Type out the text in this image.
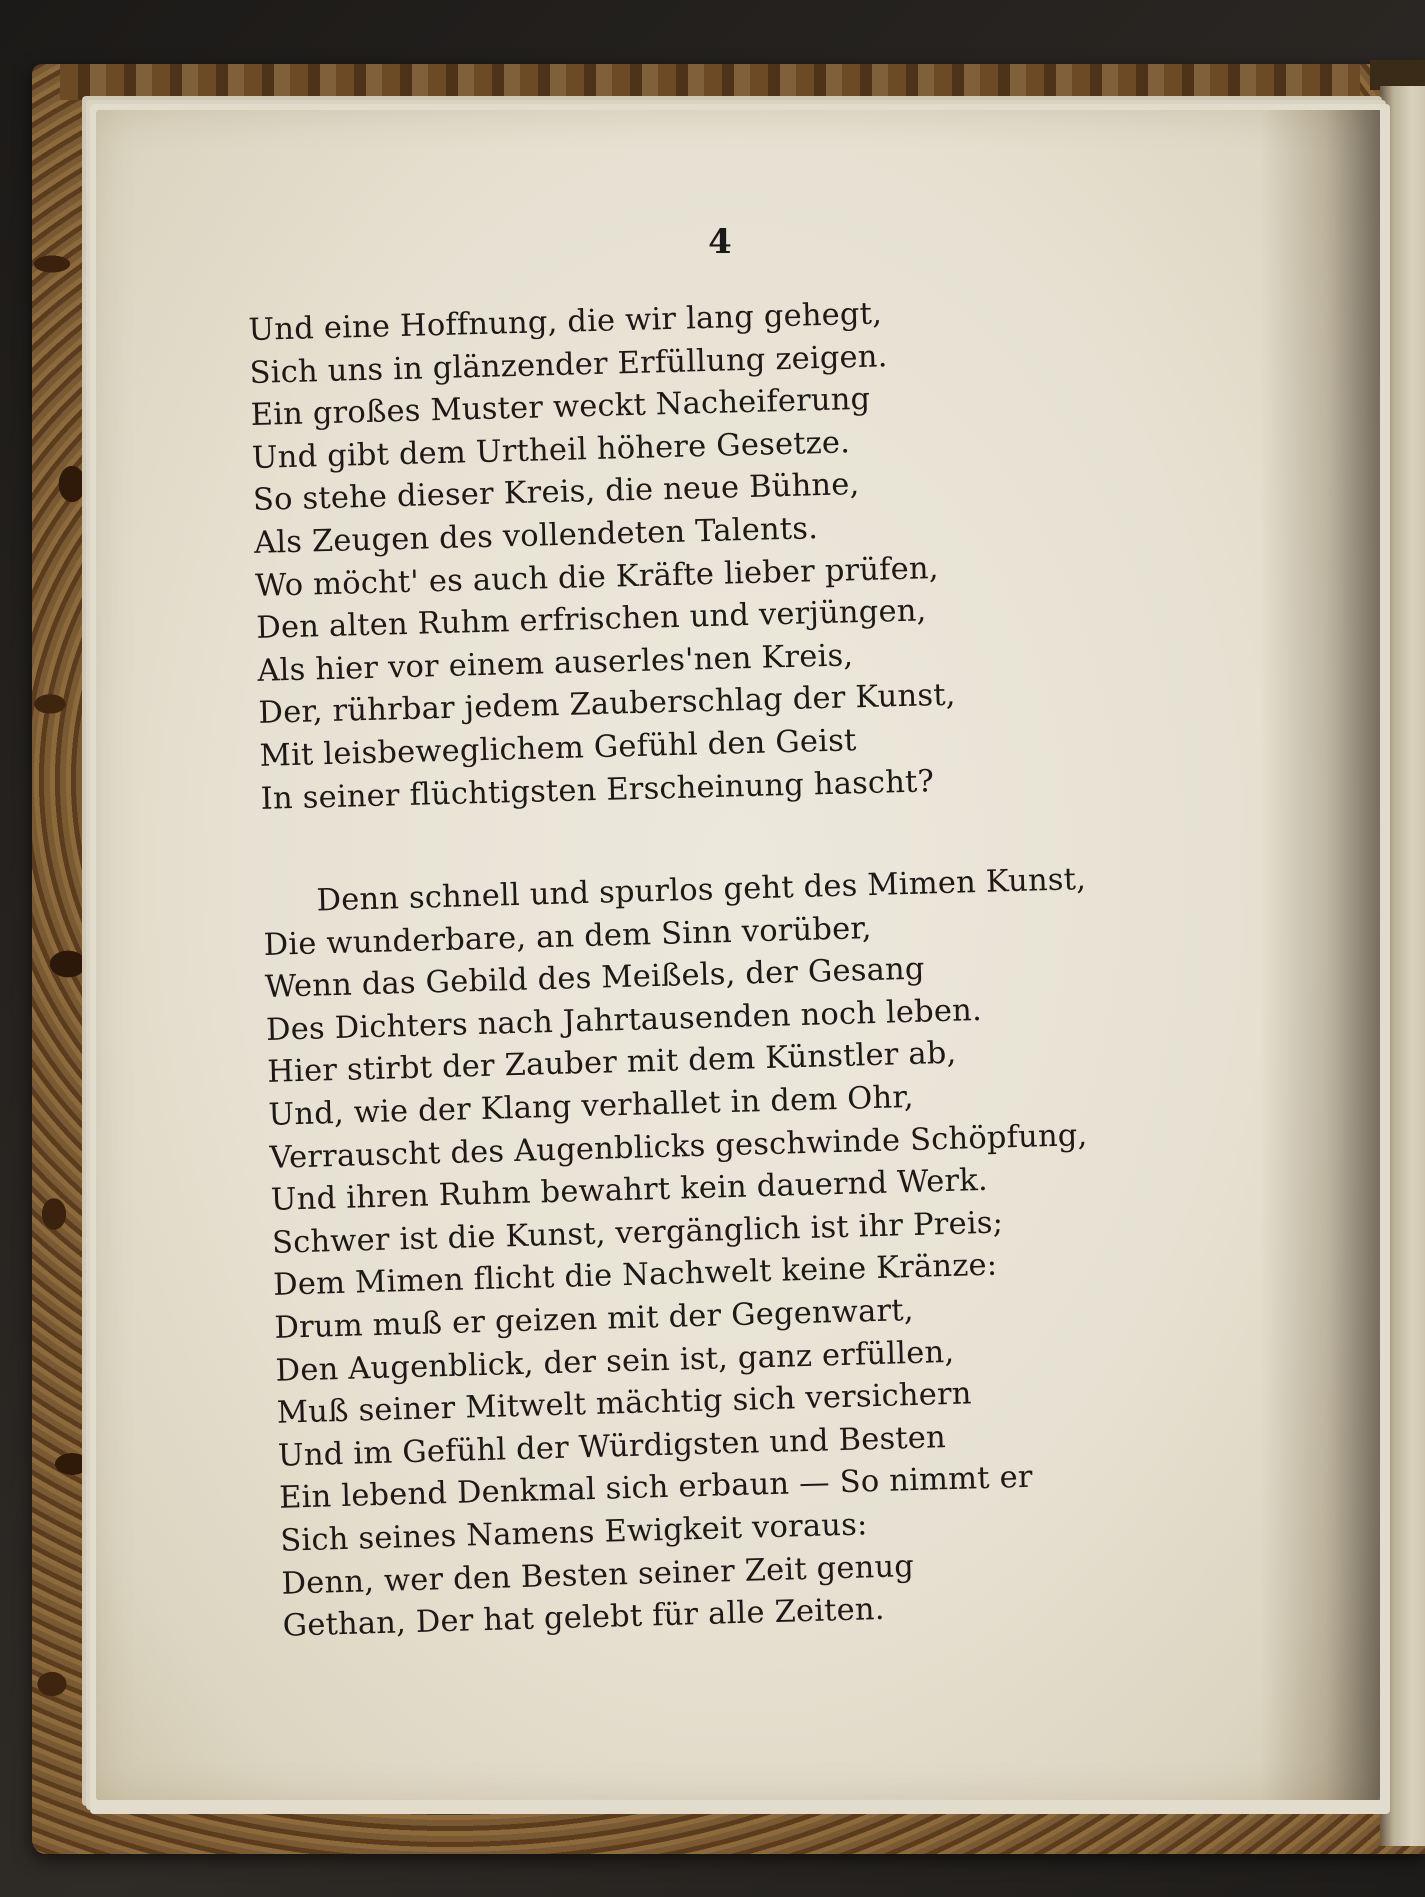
4
Und eine Hoffnung, die wir lang gehegt,
Sich uns in glänzender Erfüllung zeigen.
Ein großes Muster weckt Nacheiferung
Und gibt dem Urtheil höhere Gesetze.
So stehe dieser Kreis, die neue Bühne,
Als Zeugen des vollendeten Talents.
Wo möcht' es auch die Kräfte lieber prüfen,
Den alten Ruhm erfrischen und verjüngen,
Als hier vor einem auserles'nen Kreis,
Der, rührbar jedem Zauberschlag der Kunst,
Mit leisbeweglichem Gefühl den Geist
In seiner flüchtigsten Erscheinung hascht?
Denn schnell und spurlos geht des Mimen Kunst,
Die wunderbare, an dem Sinn vorüber,
Wenn das Gebild des Meißels, der Gesang
Des Dichters nach Jahrtausenden noch leben.
Hier stirbt der Zauber mit dem Künstler ab,
Und, wie der Klang verhallet in dem Ohr,
Verrauscht des Augenblicks geschwinde Schöpfung,
Und ihren Ruhm bewahrt kein dauernd Werk.
Schwer ist die Kunst, vergänglich ist ihr Preis;
Dem Mimen flicht die Nachwelt keine Kränze:
Drum muß er geizen mit der Gegenwart,
Den Augenblick, der sein ist, ganz erfüllen,
Muß seiner Mitwelt mächtig sich versichern
Und im Gefühl der Würdigsten und Besten
Ein lebend Denkmal sich erbaun — So nimmt er
Sich seines Namens Ewigkeit voraus:
Denn, wer den Besten seiner Zeit genug
Gethan, Der hat gelebt für alle Zeiten.
